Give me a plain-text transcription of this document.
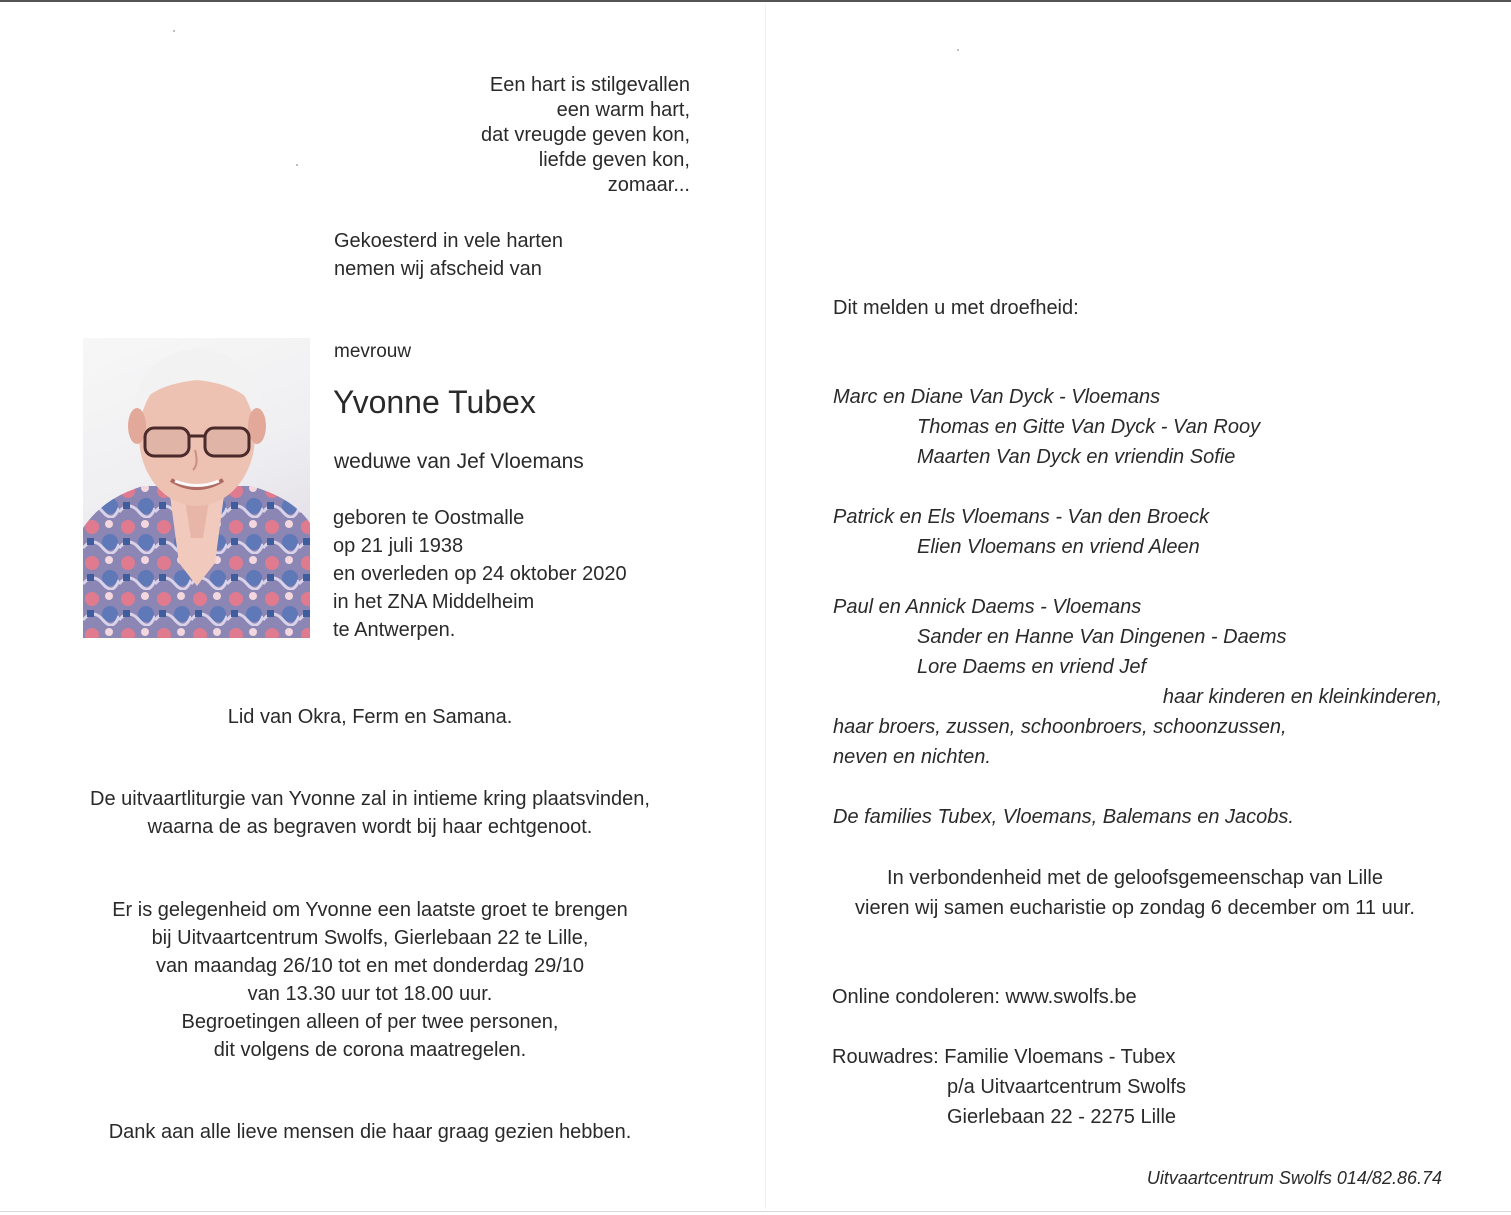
Een hart is stilgevallen
een warm hart,
dat vreugde geven kon,
liefde geven kon,
zomaar...
Gekoesterd in vele harten
nemen wij afscheid van
mevrouw
Yvonne Tubex
weduwe van Jef Vloemans
geboren te Oostmalle
op 21 juli 1938
en overleden op 24 oktober 2020
in het ZNA Middelheim
te Antwerpen.
Lid van Okra, Ferm en Samana.
De uitvaartliturgie van Yvonne zal in intieme kring plaatsvinden,
waarna de as begraven wordt bij haar echtgenoot.
Er is gelegenheid om Yvonne een laatste groet te brengen
bij Uitvaartcentrum Swolfs, Gierlebaan 22 te Lille,
van maandag 26/10 tot en met donderdag 29/10
van 13.30 uur tot 18.00 uur.
Begroetingen alleen of per twee personen,
dit volgens de corona maatregelen.
Dank aan alle lieve mensen die haar graag gezien hebben.
Dit melden u met droefheid:
Marc en Diane Van Dyck - Vloemans
Thomas en Gitte Van Dyck - Van Rooy
Maarten Van Dyck en vriendin Sofie
Patrick en Els Vloemans - Van den Broeck
Elien Vloemans en vriend Aleen
Paul en Annick Daems - Vloemans
Sander en Hanne Van Dingenen - Daems
Lore Daems en vriend Jef
haar kinderen en kleinkinderen,
haar broers, zussen, schoonbroers, schoonzussen,
neven en nichten.
De families Tubex, Vloemans, Balemans en Jacobs.
In verbondenheid met de geloofsgemeenschap van Lille
vieren wij samen eucharistie op zondag 6 december om 11 uur.
Online condoleren: www.swolfs.be
Rouwadres: Familie Vloemans - Tubex
p/a Uitvaartcentrum Swolfs
Gierlebaan 22 - 2275 Lille
Uitvaartcentrum Swolfs 014/82.86.74
